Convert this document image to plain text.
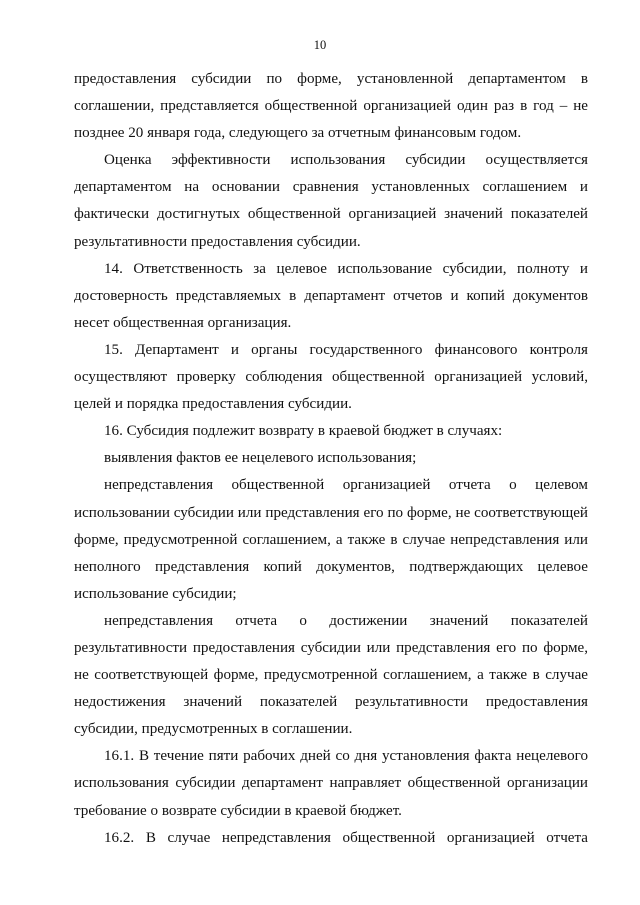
10

предоставления субсидии по форме, установленной департаментом в соглашении, представляется общественной организацией один раз в год – не позднее 20 января года, следующего за отчетным финансовым годом.

Оценка эффективности использования субсидии осуществляется департаментом на основании сравнения установленных соглашением и фактически достигнутых общественной организацией значений показателей результативности предоставления субсидии.

14. Ответственность за целевое использование субсидии, полноту и достоверность представляемых в департамент отчетов и копий документов несет общественная организация.

15. Департамент и органы государственного финансового контроля осуществляют проверку соблюдения общественной организацией условий, целей и порядка предоставления субсидии.

16. Субсидия подлежит возврату в краевой бюджет в случаях:

выявления фактов ее нецелевого использования;

непредставления общественной организацией отчета о целевом использовании субсидии или представления его по форме, не соответствующей форме, предусмотренной соглашением, а также в случае непредставления или неполного представления копий документов, подтверждающих целевое использование субсидии;

непредставления отчета о достижении значений показателей результативности предоставления субсидии или представления его по форме, не соответствующей форме, предусмотренной соглашением, а также в случае недостижения значений показателей результативности предоставления субсидии, предусмотренных в соглашении.

16.1. В течение пяти рабочих дней со дня установления факта нецелевого использования субсидии департамент направляет общественной организации требование о возврате субсидии в краевой бюджет.

16.2. В случае непредставления общественной организацией отчета
